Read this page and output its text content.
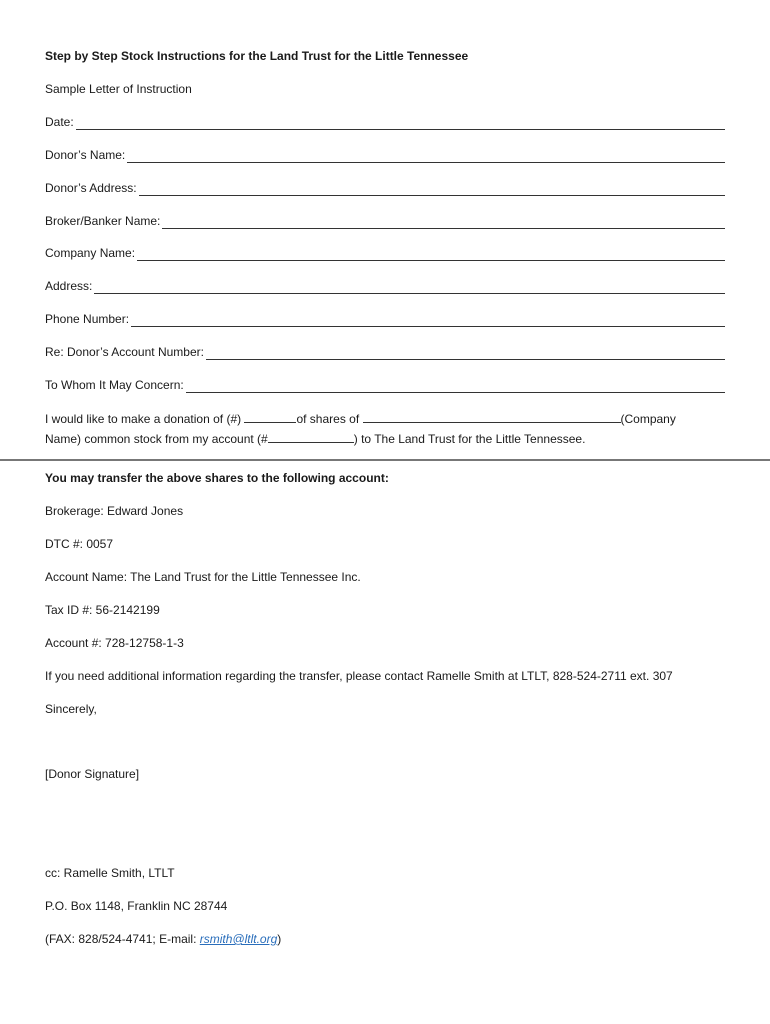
Step by Step Stock Instructions for the Land Trust for the Little Tennessee
Sample Letter of Instruction
Date:
Donor’s Name:
Donor’s Address:
Broker/Banker Name:
Company Name:
Address:
Phone Number:
Re: Donor’s Account Number:
To Whom It May Concern:
I would like to make a donation of (#)	of shares of	(Company
Name) common stock from my account (#	) to The Land Trust for the Little Tennessee.
You may transfer the above shares to the following account:
Brokerage: Edward Jones
DTC #: 0057
Account Name: The Land Trust for the Little Tennessee Inc.
Tax ID #: 56-2142199
Account #: 728-12758-1-3
If you need additional information regarding the transfer, please contact Ramelle Smith at LTLT, 828-524-2711 ext. 307
Sincerely,
[Donor Signature]
cc: Ramelle Smith, LTLT
P.O. Box 1148, Franklin NC 28744
(FAX: 828/524-4741; E-mail: rsmith@ltlt.org)
